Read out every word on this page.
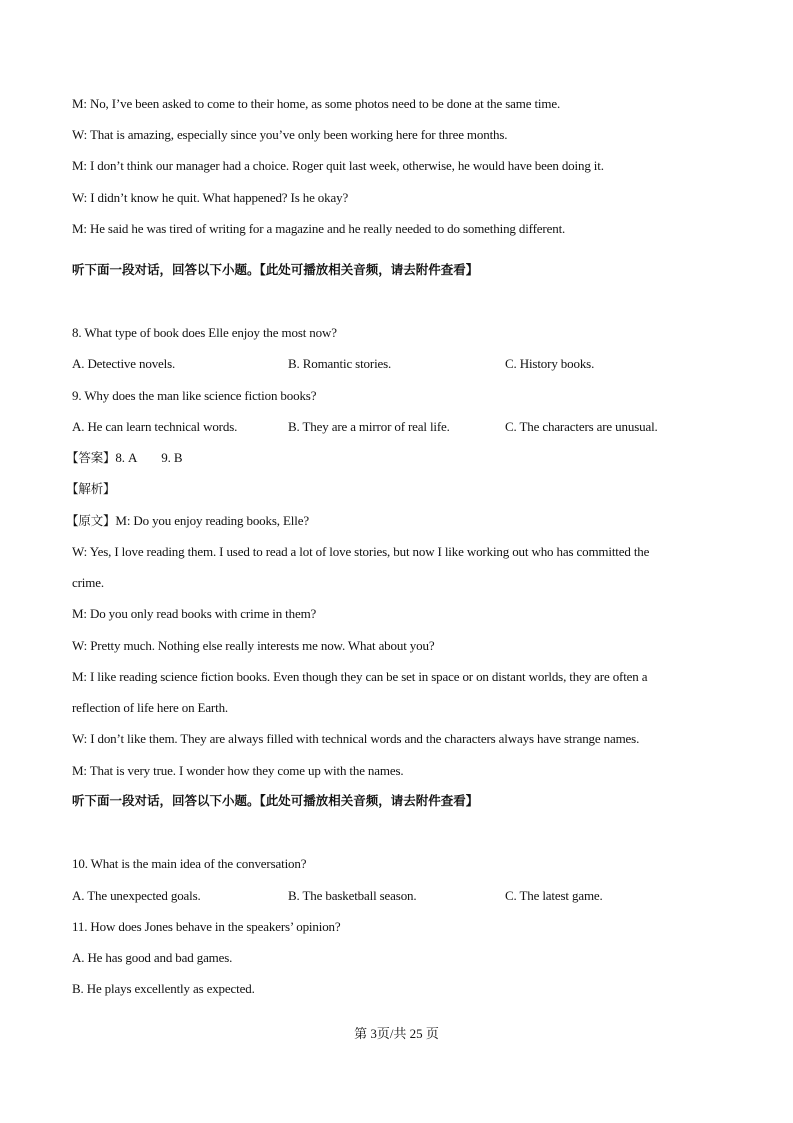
M: No, I’ve been asked to come to their home, as some photos need to be done at the same time.
W: That is amazing, especially since you’ve only been working here for three months.
M: I don’t think our manager had a choice. Roger quit last week, otherwise, he would have been doing it.
W: I didn’t know he quit. What happened? Is he okay?
M: He said he was tired of writing for a magazine and he really needed to do something different.
听下面一段对话，回答以下小题。【此处可播放相关音频，请去附件查看】
8. What type of book does Elle enjoy the most now?
A. Detective novels.	B. Romantic stories.	C. History books.
9. Why does the man like science fiction books?
A. He can learn technical words.	B. They are a mirror of real life.	C. The characters are unusual.
【答案】8. A        9. B
【解析】
【原文】M: Do you enjoy reading books, Elle?
W: Yes, I love reading them. I used to read a lot of love stories, but now I like working out who has committed the
crime.
M: Do you only read books with crime in them?
W: Pretty much. Nothing else really interests me now. What about you?
M: I like reading science fiction books. Even though they can be set in space or on distant worlds, they are often a
reflection of life here on Earth.
W: I don’t like them. They are always filled with technical words and the characters always have strange names.
M: That is very true. I wonder how they come up with the names.
听下面一段对话，回答以下小题。【此处可播放相关音频，请去附件查看】
10. What is the main idea of the conversation?
A. The unexpected goals.	B. The basketball season.	C. The latest game.
11. How does Jones behave in the speakers’ opinion?
A. He has good and bad games.
B. He plays excellently as expected.
第 3页/共 25 页
